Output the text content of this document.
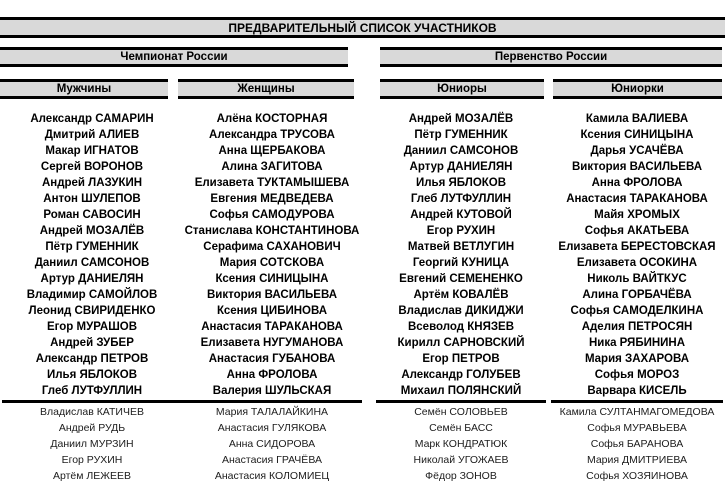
ПРЕДВАРИТЕЛЬНЫЙ СПИСОК УЧАСТНИКОВ
Чемпионат России	Первенство России
Мужчины	Женщины	Юниоры	Юниорки
Александр САМАРИН
Дмитрий АЛИЕВ
Макар ИГНАТОВ
Сергей ВОРОНОВ
Андрей ЛАЗУКИН
Антон ШУЛЕПОВ
Роман САВОСИН
Андрей МОЗАЛЁВ
Пётр ГУМЕННИК
Даниил САМСОНОВ
Артур ДАНИЕЛЯН
Владимир САМОЙЛОВ
Леонид СВИРИДЕНКО
Егор МУРАШОВ
Андрей ЗУБЕР
Александр ПЕТРОВ
Илья ЯБЛОКОВ
Глеб ЛУТФУЛЛИН
Владислав КАТИЧЕВ
Андрей РУДЬ
Даниил МУРЗИН
Егор РУХИН
Артём ЛЕЖЕЕВ
Алёна КОСТОРНАЯ
Александра ТРУСОВА
Анна ЩЕРБАКОВА
Алина ЗАГИТОВА
Елизавета ТУКТАМЫШЕВА
Евгения МЕДВЕДЕВА
Софья САМОДУРОВА
Станислава КОНСТАНТИНОВА
Серафима САХАНОВИЧ
Мария СОТСКОВА
Ксения СИНИЦЫНА
Виктория ВАСИЛЬЕВА
Ксения ЦИБИНОВА
Анастасия ТАРАКАНОВА
Елизавета НУГУМАНОВА
Анастасия ГУБАНОВА
Анна ФРОЛОВА
Валерия ШУЛЬСКАЯ
Мария ТАЛАЛАЙКИНА
Анастасия ГУЛЯКОВА
Анна СИДОРОВА
Анастасия ГРАЧЁВА
Анастасия КОЛОМИЕЦ
Андрей МОЗАЛЁВ
Пётр ГУМЕННИК
Даниил САМСОНОВ
Артур ДАНИЕЛЯН
Илья ЯБЛОКОВ
Глеб ЛУТФУЛЛИН
Андрей КУТОВОЙ
Егор РУХИН
Матвей ВЕТЛУГИН
Георгий КУНИЦА
Евгений СЕМЕНЕНКО
Артём КОВАЛЁВ
Владислав ДИКИДЖИ
Всеволод КНЯЗЕВ
Кирилл САРНОВСКИЙ
Егор ПЕТРОВ
Александр ГОЛУБЕВ
Михаил ПОЛЯНСКИЙ
Семён СОЛОВЬЕВ
Семён БАСС
Марк КОНДРАТЮК
Николай УГОЖАЕВ
Фёдор ЗОНОВ
Камила ВАЛИЕВА
Ксения СИНИЦЫНА
Дарья УСАЧЁВА
Виктория ВАСИЛЬЕВА
Анна ФРОЛОВА
Анастасия ТАРАКАНОВА
Майя ХРОМЫХ
Софья АКАТЬЕВА
Елизавета БЕРЕСТОВСКАЯ
Елизавета ОСОКИНА
Николь ВАЙТКУС
Алина ГОРБАЧЁВА
Софья САМОДЕЛКИНА
Аделия ПЕТРОСЯН
Ника РЯБИНИНА
Мария ЗАХАРОВА
Софья МОРОЗ
Варвара КИСЕЛЬ
Камила СУЛТАНМАГОМЕДОВА
Софья МУРАВЬЕВА
Софья БАРАНОВА
Мария ДМИТРИЕВА
Софья ХОЗЯИНОВА
